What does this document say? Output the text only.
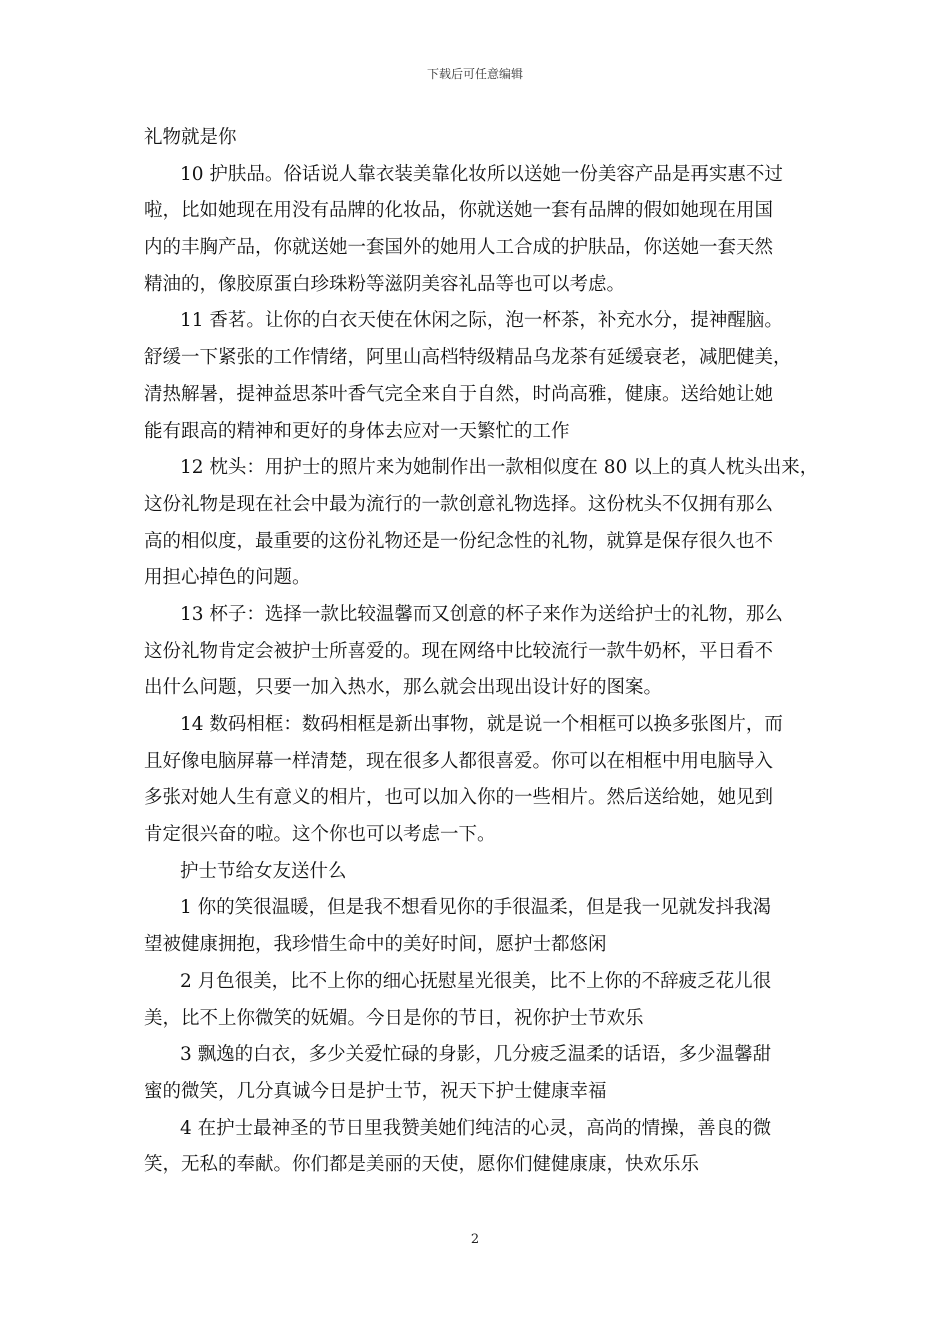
下载后可任意编辑
礼物就是你
10 护肤品。俗话说人靠衣装美靠化妆所以送她一份美容产品是再实惠不过
啦，比如她现在用没有品牌的化妆品，你就送她一套有品牌的假如她现在用国
内的丰胸产品，你就送她一套国外的她用人工合成的护肤品，你送她一套天然
精油的，像胶原蛋白珍珠粉等滋阴美容礼品等也可以考虑。
11 香茗。让你的白衣天使在休闲之际，泡一杯茶，补充水分，提神醒脑。
舒缓一下紧张的工作情绪，阿里山高档特级精品乌龙茶有延缓衰老，减肥健美，
清热解暑，提神益思茶叶香气完全来自于自然，时尚高雅，健康。送给她让她
能有跟高的精神和更好的身体去应对一天繁忙的工作
12 枕头：用护士的照片来为她制作出一款相似度在 80 以上的真人枕头出来，
这份礼物是现在社会中最为流行的一款创意礼物选择。这份枕头不仅拥有那么
高的相似度，最重要的这份礼物还是一份纪念性的礼物，就算是保存很久也不
用担心掉色的问题。
13 杯子：选择一款比较温馨而又创意的杯子来作为送给护士的礼物，那么
这份礼物肯定会被护士所喜爱的。现在网络中比较流行一款牛奶杯，平日看不
出什么问题，只要一加入热水，那么就会出现出设计好的图案。
14 数码相框：数码相框是新出事物，就是说一个相框可以换多张图片，而
且好像电脑屏幕一样清楚，现在很多人都很喜爱。你可以在相框中用电脑导入
多张对她人生有意义的相片，也可以加入你的一些相片。然后送给她，她见到
肯定很兴奋的啦。这个你也可以考虑一下。
护士节给女友送什么
1 你的笑很温暖，但是我不想看见你的手很温柔，但是我一见就发抖我渴
望被健康拥抱，我珍惜生命中的美好时间，愿护士都悠闲
2 月色很美，比不上你的细心抚慰星光很美，比不上你的不辞疲乏花儿很
美，比不上你微笑的妩媚。今日是你的节日，祝你护士节欢乐
3 飘逸的白衣，多少关爱忙碌的身影，几分疲乏温柔的话语，多少温馨甜
蜜的微笑，几分真诚今日是护士节，祝天下护士健康幸福
4 在护士最神圣的节日里我赞美她们纯洁的心灵，高尚的情操，善良的微
笑，无私的奉献。你们都是美丽的天使，愿你们健健康康，快欢乐乐
2
